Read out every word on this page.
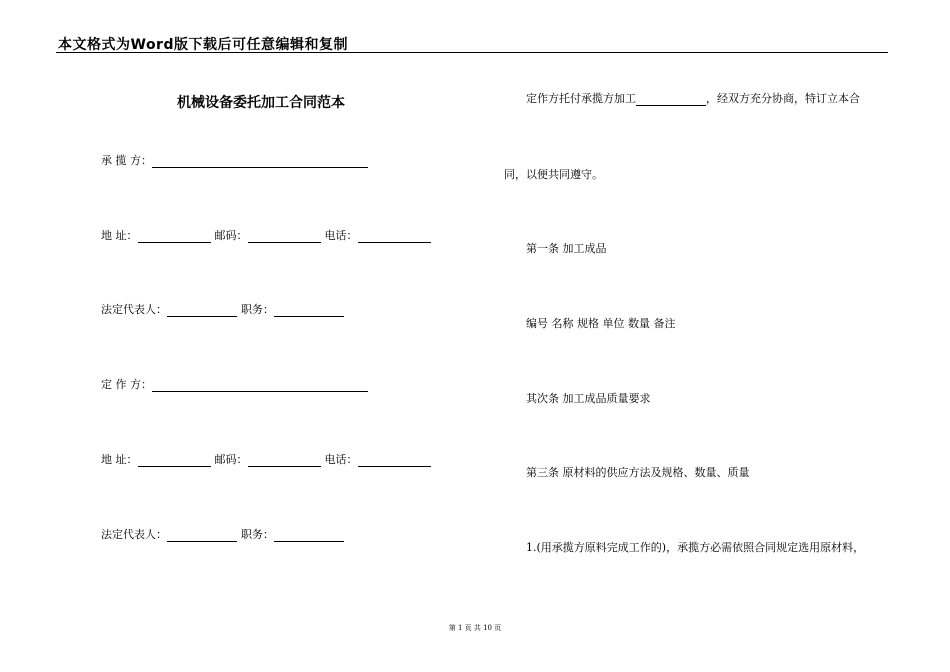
本文格式为Word版下载后可任意编辑和复制
机械设备委托加工合同范本
承 揽 方：
地 址：	邮码：	电话：
法定代表人：	职务：
定 作 方：
地 址：	邮码：	电话：
法定代表人：	职务：
定作方托付承揽方加工	，经双方充分协商，特订立本合
同，以便共同遵守。
第一条 加工成品
编号 名称 规格 单位 数量 备注
其次条 加工成品质量要求
第三条 原材料的供应方法及规格、数量、质量
1.(用承揽方原料完成工作的)，承揽方必需依照合同规定选用原材料，
第 1 页 共 10 页
